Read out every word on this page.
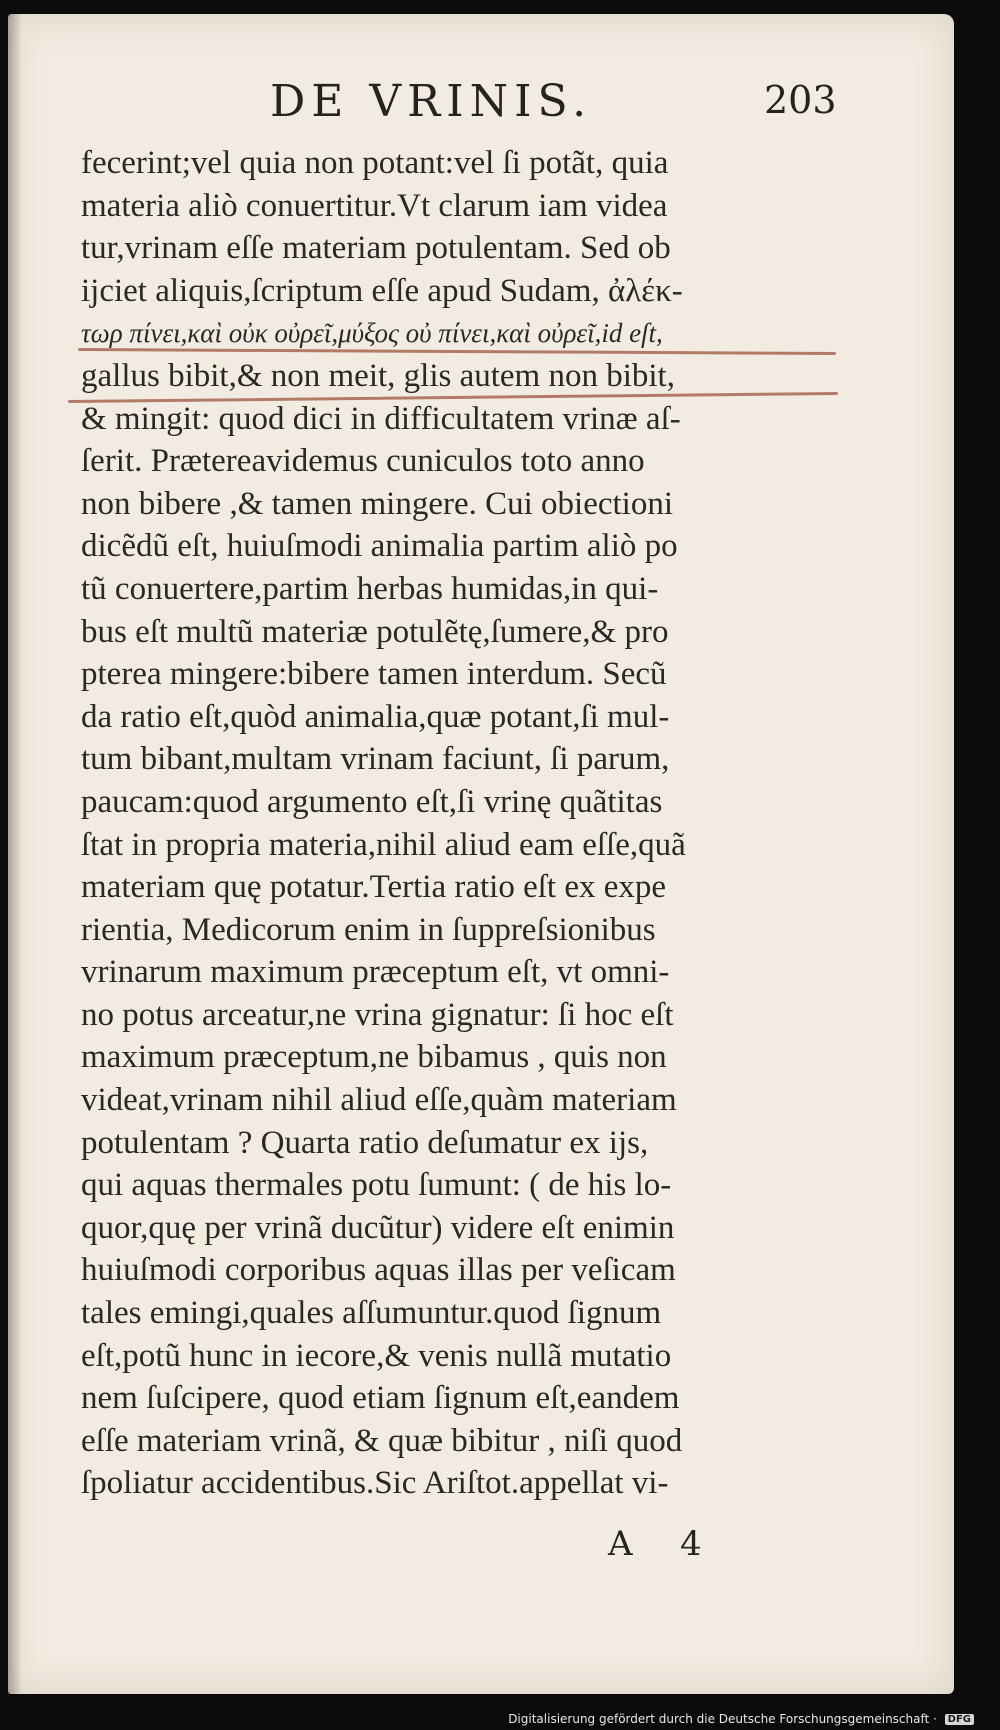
DE VRINIS.	203
fecerint;vel quia non potant:vel ſi potãt, quia
materia aliò conuertitur.Vt clarum iam videa
tur,vrinam eſſe materiam potulentam. Sed ob
ijciet aliquis,ſcriptum eſſe apud Sudam, ἀλέκ-
τωρ πίνει,καὶ οὐκ οὐρεῖ,μύξος οὐ πίνει,καὶ οὐρεῖ,id eſt,
gallus bibit,& non meit, glis autem non bibit,
& mingit: quod dici in difficultatem vrinæ aſ-
ſerit. Prætereavidemus cuniculos toto anno
non bibere ,& tamen mingere. Cui obiectioni
dicẽdũ eſt, huiuſmodi animalia partim aliò po
tũ conuertere,partim herbas humidas,in qui-
bus eſt multũ materiæ potulẽtę,ſumere,& pro
pterea mingere:bibere tamen interdum. Secũ
da ratio eſt,quòd animalia,quæ potant,ſi mul-
tum bibant,multam vrinam faciunt, ſi parum,
paucam:quod argumento eſt,ſi vrinę quãtitas
ſtat in propria materia,nihil aliud eam eſſe,quã
materiam quę potatur.Tertia ratio eſt ex expe
rientia, Medicorum enim in ſuppreſsionibus
vrinarum maximum præceptum eſt, vt omni-
no potus arceatur,ne vrina gignatur: ſi hoc eſt
maximum præceptum,ne bibamus , quis non
videat,vrinam nihil aliud eſſe,quàm materiam
potulentam ? Quarta ratio deſumatur ex ijs,
qui aquas thermales potu ſumunt: ( de his lo-
quor,quę per vrinã ducũtur) videre eſt enimin
huiuſmodi corporibus aquas illas per veſicam
tales emingi,quales aſſumuntur.quod ſignum
eſt,potũ hunc in iecore,& venis nullã mutatio
nem ſuſcipere, quod etiam ſignum eſt,eandem
eſſe materiam vrinã, & quæ bibitur , niſi quod
ſpoliatur accidentibus.Sic Ariſtot.appellat vi-
A 4
Digitalisierung gefördert durch die Deutsche Forschungsgemeinschaft · DFG
